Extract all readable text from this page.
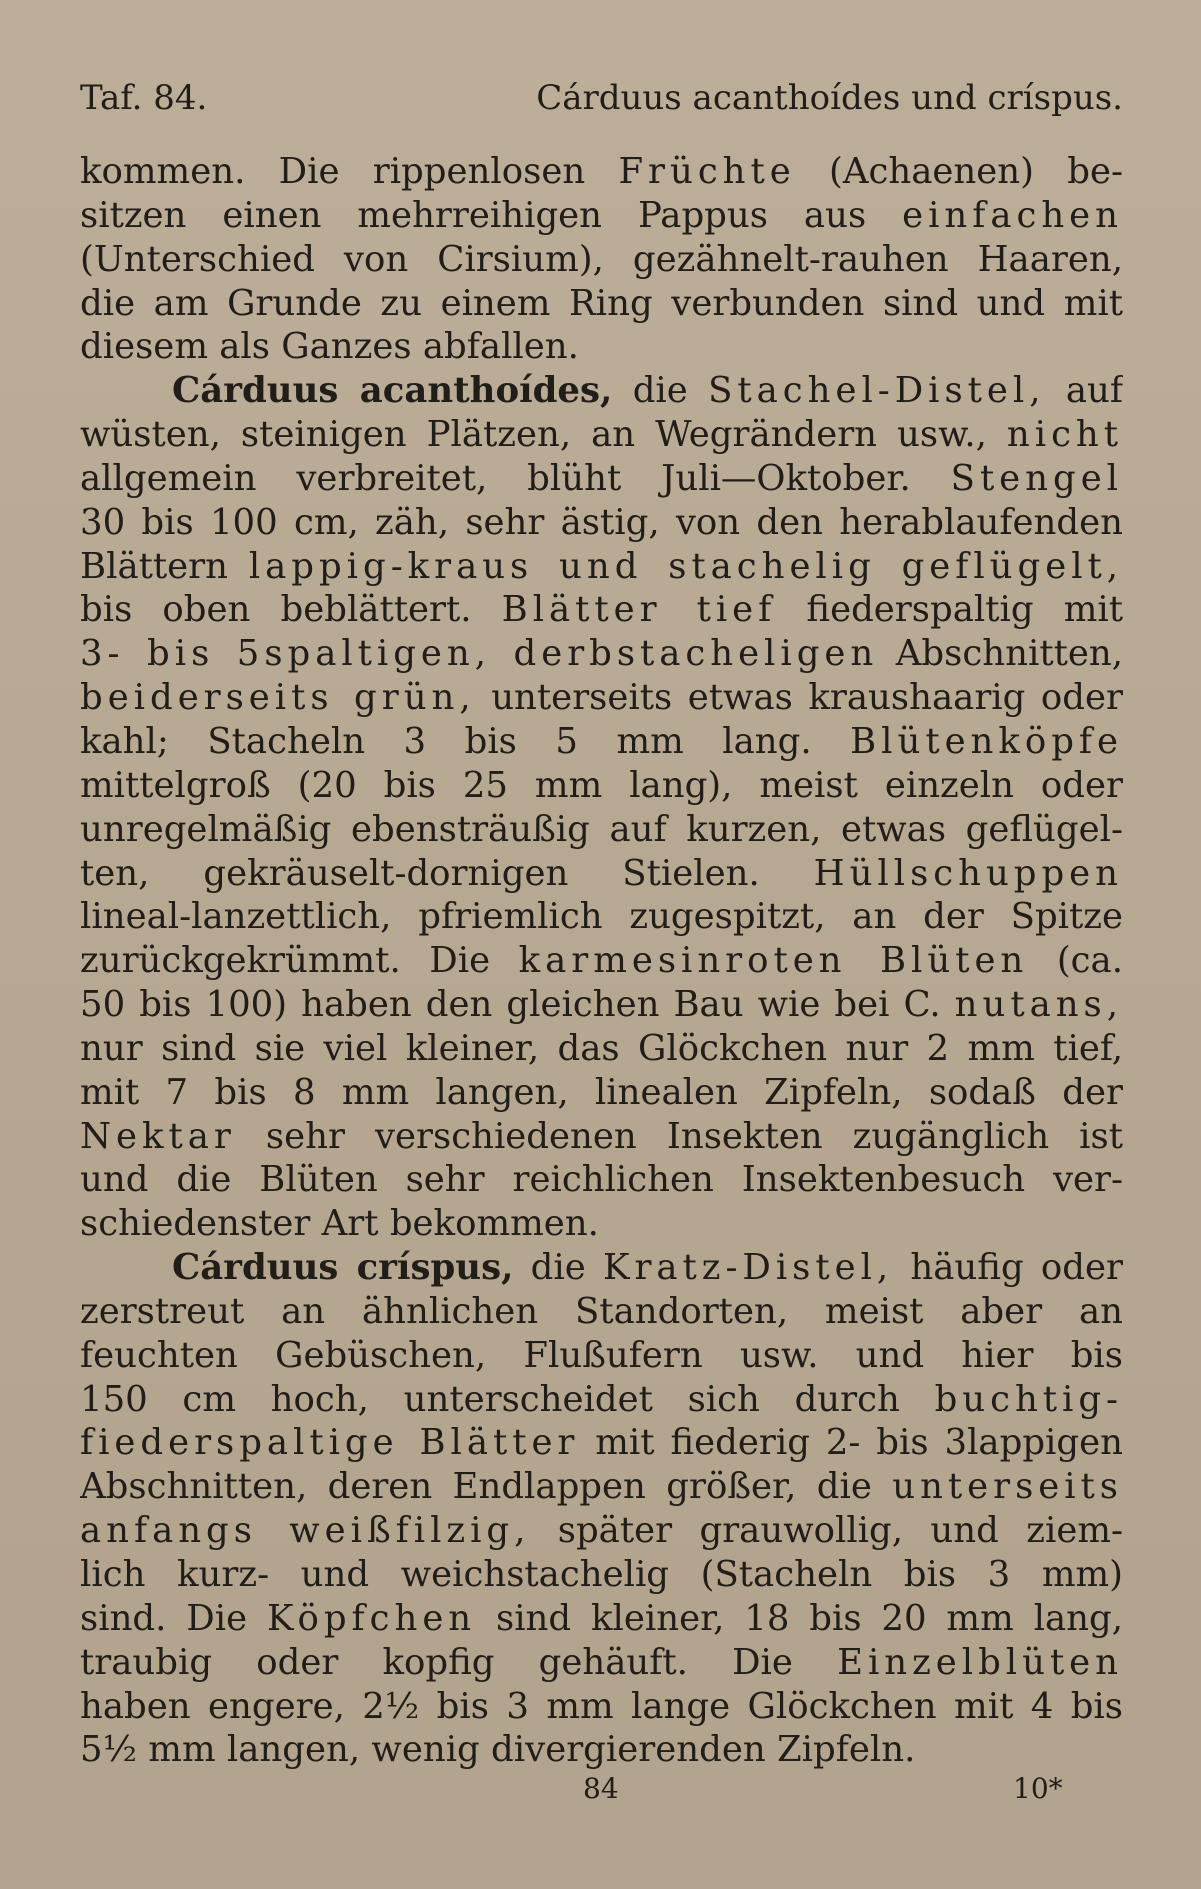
Taf. 84.	Cárduus acanthoídes und críspus.
kommen. Die rippenlosen Früchte (Achaenen) be-
sitzen einen mehrreihigen Pappus aus einfachen
(Unterschied von Cirsium), gezähnelt-rauhen Haaren,
die am Grunde zu einem Ring verbunden sind und mit
diesem als Ganzes abfallen.
Cárduus acanthoídes, die Stachel-Distel, auf
wüsten, steinigen Plätzen, an Wegrändern usw., nicht
allgemein verbreitet, blüht Juli—Oktober. Stengel
30 bis 100 cm, zäh, sehr ästig, von den herablaufenden
Blättern lappig-kraus und stachelig geflügelt,
bis oben beblättert. Blätter tief fiederspaltig mit
3- bis 5spaltigen, derbstacheligen Abschnitten,
beiderseits grün, unterseits etwas kraushaarig oder
kahl; Stacheln 3 bis 5 mm lang. Blütenköpfe
mittelgroß (20 bis 25 mm lang), meist einzeln oder
unregelmäßig ebensträußig auf kurzen, etwas geflügel-
ten, gekräuselt-dornigen Stielen. Hüllschuppen
lineal-lanzettlich, pfriemlich zugespitzt, an der Spitze
zurückgekrümmt. Die karmesinroten Blüten (ca.
50 bis 100) haben den gleichen Bau wie bei C. nutans,
nur sind sie viel kleiner, das Glöckchen nur 2 mm tief,
mit 7 bis 8 mm langen, linealen Zipfeln, sodaß der
Nektar sehr verschiedenen Insekten zugänglich ist
und die Blüten sehr reichlichen Insektenbesuch ver-
schiedenster Art bekommen.
Cárduus críspus, die Kratz-Distel, häufig oder
zerstreut an ähnlichen Standorten, meist aber an
feuchten Gebüschen, Flußufern usw. und hier bis
150 cm hoch, unterscheidet sich durch buchtig-
fiederspaltige Blätter mit fiederig 2- bis 3lappigen
Abschnitten, deren Endlappen größer, die unterseits
anfangs weißfilzig, später grauwollig, und ziem-
lich kurz- und weichstachelig (Stacheln bis 3 mm)
sind. Die Köpfchen sind kleiner, 18 bis 20 mm lang,
traubig oder kopfig gehäuft. Die Einzelblüten
haben engere, 2½ bis 3 mm lange Glöckchen mit 4 bis
5½ mm langen, wenig divergierenden Zipfeln.
84	10*
